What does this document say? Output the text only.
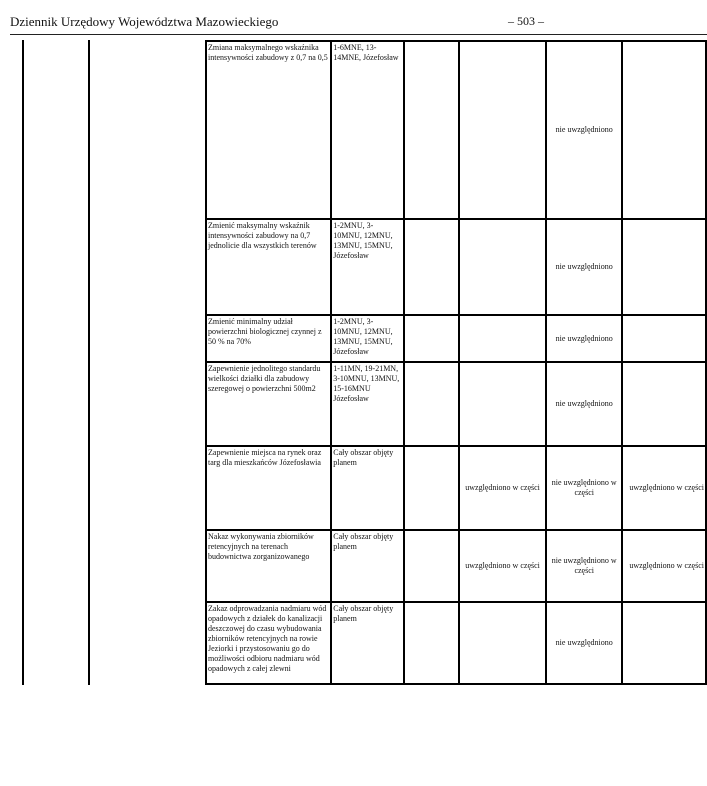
Dziennik Urzędowy Województwa Mazowieckiego	– 503 –
Zmiana maksymalnego wskaźnika intensywności zabudowy z 0,7 na 0,5	1-6MNE, 13-14MNE, Józefosław			nie uwzględniono	
Zmienić maksymalny wskaźnik intensywności zabudowy na 0,7 jednolicie dla wszystkich terenów	1-2MNU, 3-10MNU, 12MNU, 13MNU, 15MNU, Józefosław			nie uwzględniono	
Zmienić minimalny udział powierzchni biologicznej czynnej z 50 % na 70%	1-2MNU, 3-10MNU, 12MNU, 13MNU, 15MNU, Józefosław			nie uwzględniono	
Zapewnienie jednolitego standardu wielkości działki dla zabudowy szeregowej o powierzchni 500m2	1-11MN, 19-21MN, 3-10MNU, 13MNU, 15-16MNU Józefosław			nie uwzględniono	
Zapewnienie miejsca na rynek oraz targ dla mieszkańców Józefosławia	Cały obszar objęty planem		uwzględniono w części	nie uwzględniono w części	uwzględniono w części
Nakaz wykonywania zbiorników retencyjnych na terenach budownictwa zorganizowanego	Cały obszar objęty planem		uwzględniono w części	nie uwzględniono w części	uwzględniono w części
Zakaz odprowadzania nadmiaru wód opadowych z działek do kanalizacji deszczowej do czasu wybudowania zbiorników retencyjnych na rowie Jeziorki i przystosowaniu go do możliwości odbioru nadmiaru wód opadowych z całej zlewni	Cały obszar objęty planem			nie uwzględniono	
